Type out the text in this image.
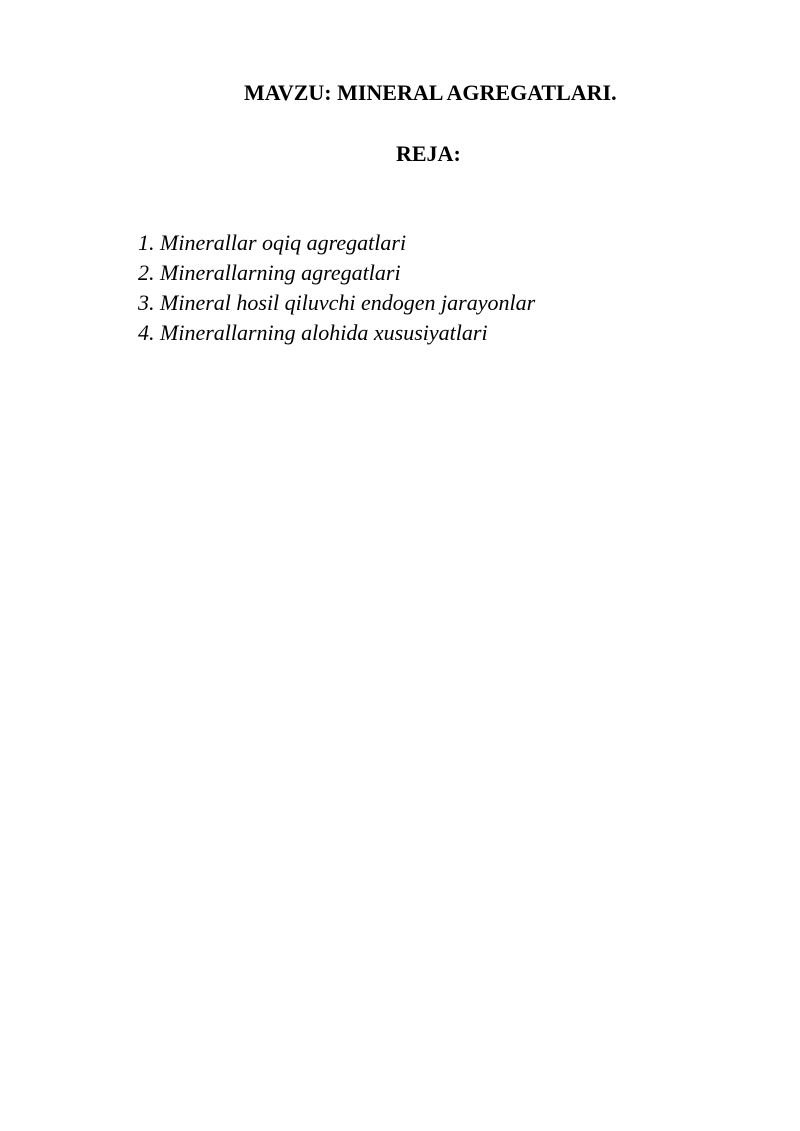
MAVZU: MINERAL AGREGATLARI.
REJA:
1. Minerallar oqiq agregatlari
2. Minerallarning agregatlari
3. Mineral hosil qiluvchi endogen jarayonlar
4. Minerallarning alohida xususiyatlari
